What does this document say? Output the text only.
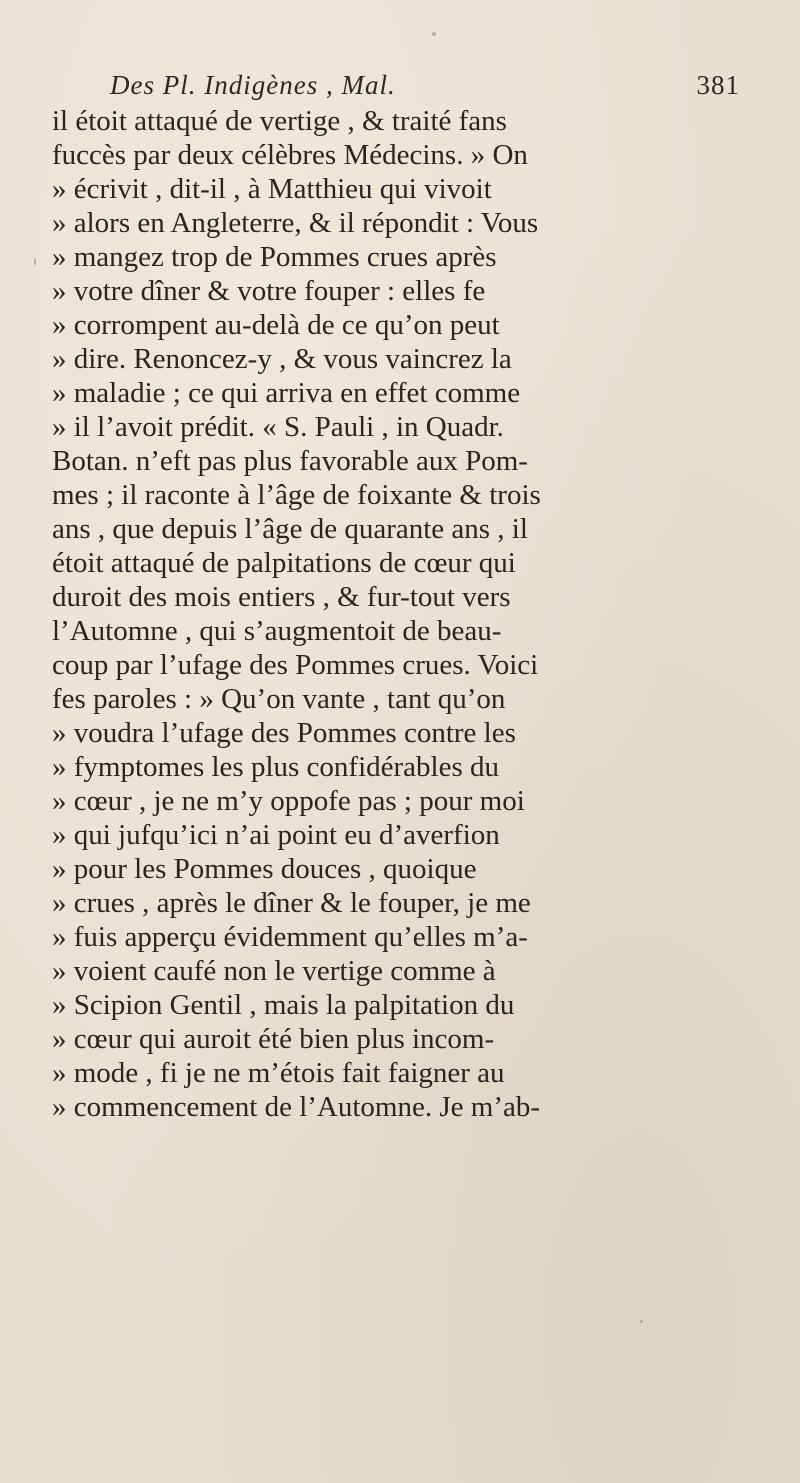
Des Pl. Indigènes , Mal.	381
il étoit attaqué de vertige , & traité fans
fuccès par deux célèbres Médecins. » On
» écrivit , dit-il , à Matthieu qui vivoit
» alors en Angleterre, & il répondit : Vous
» mangez trop de Pommes crues après
» votre dîner & votre fouper : elles fe
» corrompent au-delà de ce qu’on peut
» dire. Renoncez-y , & vous vaincrez la
» maladie ; ce qui arriva en effet comme
» il l’avoit prédit. « S. Pauli , in Quadr.
Botan. n’eft pas plus favorable aux Pom-
mes ; il raconte à l’âge de foixante & trois
ans , que depuis l’âge de quarante ans , il
étoit attaqué de palpitations de cœur qui
duroit des mois entiers , & fur-tout vers
l’Automne , qui s’augmentoit de beau-
coup par l’ufage des Pommes crues. Voici
fes paroles : » Qu’on vante , tant qu’on
» voudra l’ufage des Pommes contre les
» fymptomes les plus confidérables du
» cœur , je ne m’y oppofe pas ; pour moi
» qui jufqu’ici n’ai point eu d’averfion
» pour les Pommes douces , quoique
» crues , après le dîner & le fouper, je me
» fuis apperçu évidemment qu’elles m’a-
» voient caufé non le vertige comme à
» Scipion Gentil , mais la palpitation du
» cœur qui auroit été bien plus incom-
» mode , fi je ne m’étois fait faigner au
» commencement de l’Automne. Je m’ab-
